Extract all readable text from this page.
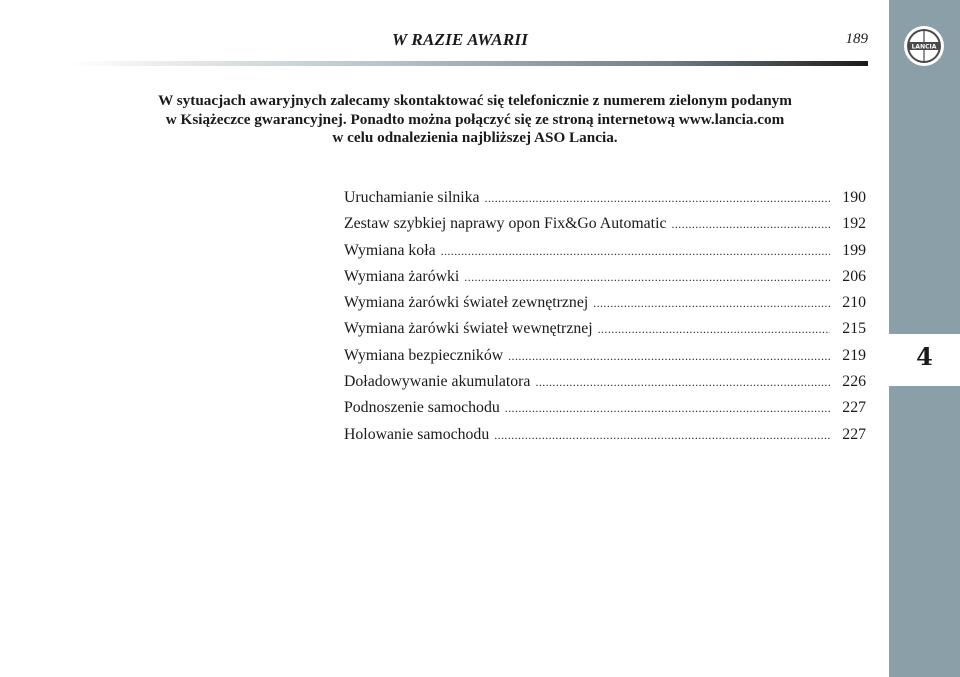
W RAZIE AWARII	189
LANCIA
4
W sytuacjach awaryjnych zalecamy skontaktować się telefonicznie z numerem zielonym podanym
w Książeczce gwarancyjnej. Ponadto można połączyć się ze stroną internetową www.lancia.com
w celu odnalezienia najbliższej ASO Lancia.
Uruchamianie silnika .....	190
Zestaw szybkiej naprawy opon Fix&Go Automatic .....	192
Wymiana koła .....	199
Wymiana żarówki .....	206
Wymiana żarówki świateł zewnętrznej .....	210
Wymiana żarówki świateł wewnętrznej .....	215
Wymiana bezpieczników .....	219
Doładowywanie akumulatora .....	226
Podnoszenie samochodu .....	227
Holowanie samochodu .....	227
